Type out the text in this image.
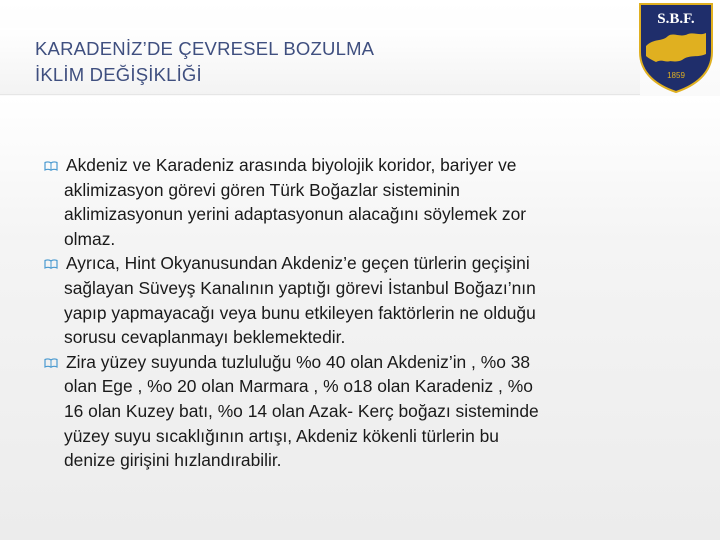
KARADENİZ’DE ÇEVRESEL BOZULMA
İKLİM DEĞİŞİKLİĞİ
S.B.F.
1859
Akdeniz ve Karadeniz arasında biyolojik koridor, bariyer ve
aklimizasyon görevi gören Türk Boğazlar sisteminin
aklimizasyonun yerini adaptasyonun alacağını söylemek zor
olmaz.
Ayrıca, Hint Okyanusundan Akdeniz’e geçen türlerin geçişini
sağlayan Süveyş Kanalının yaptığı görevi İstanbul Boğazı’nın
yapıp yapmayacağı veya bunu etkileyen faktörlerin ne olduğu
sorusu cevaplanmayı beklemektedir.
Zira yüzey suyunda tuzluluğu %o 40 olan Akdeniz’in , %o 38
olan Ege , %o 20 olan Marmara , % o18 olan Karadeniz , %o
16 olan Kuzey batı, %o 14 olan Azak- Kerç boğazı sisteminde
yüzey suyu sıcaklığının artışı, Akdeniz kökenli türlerin bu
denize girişini hızlandırabilir.
